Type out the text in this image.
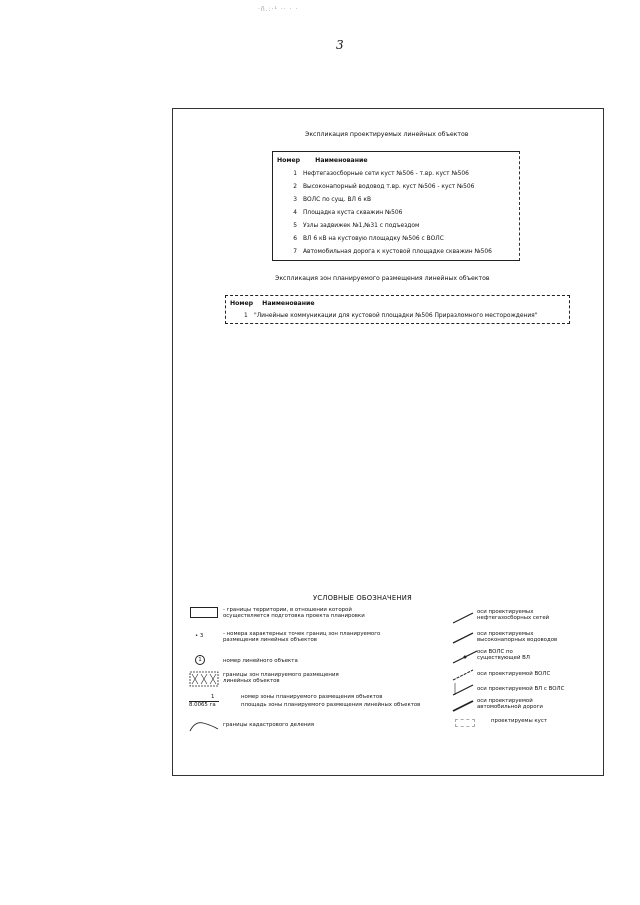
·ñ.:·¹ ·· · ·
3
Экспликация проектируемых линейных объектов
Номер Наименование
1 Нефтегазосборные сети куст №506 - т.вр. куст №506
2 Высоконапорный водовод т.вр. куст №506 - куст №506
3 ВОЛС по сущ. ВЛ 6 кВ
4 Площадка куста скважин №506
5 Узлы задвижек №1,№31 с подъездом
6 ВЛ 6 кВ на кустовую площадку №506 с ВОЛС
7 Автомобильная дорога к кустовой площадке скважин №506
Экспликация зон планируемого размещения линейных объектов
Номер Наименование
1 "Линейные коммуникации для кустовой площадки №506 Приразломного месторождения"
УСЛОВНЫЕ ОБОЗНАЧЕНИЯ
- границы территории, в отношении которой
осуществляется подготовка проекта планировки
• 3	- номера характерных точек границ зон планируемого
размещения линейных объектов
1	номер линейного объекта
границы зон планируемого размещения
линейных объектов
1
8.0065 га
номер зоны планируемого размещения объектов
площадь зоны планируемого размещения линейных объектов
границы кадастрового деления
оси проектируемых
нефтегазосборных сетей
оси проектируемых
высоконапорных водоводов
оси ВОЛС по
существующей ВЛ
оси проектируемой ВОЛС
оси проектируемой ВЛ с ВОЛС
оси проектируемой
автомобильной дороги
проектируемы куст
